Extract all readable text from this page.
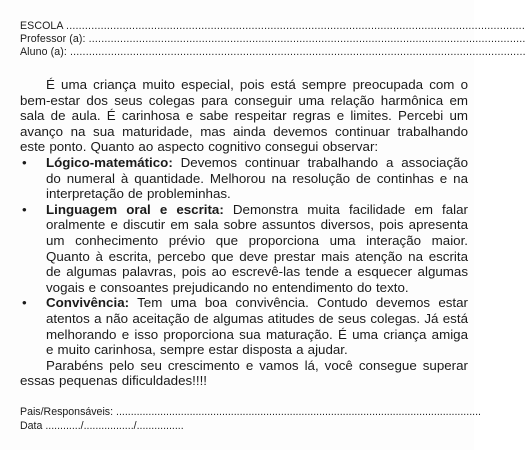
ESCOLA ..................................................................................................................................................
Professor (a): ...........................................................................................................................................
Aluno (a): .................................................................................................................................................

É uma criança muito especial, pois está sempre preocupada com o bem-estar dos seus colegas para conseguir uma relação harmônica em sala de aula. É carinhosa e sabe respeitar regras e limites. Percebi um avanço na sua maturidade, mas ainda devemos continuar trabalhando este ponto. Quanto ao aspecto cognitivo consegui observar:

• Lógico-matemático: Devemos continuar trabalhando a associação do numeral à quantidade. Melhorou na resolução de continhas e na interpretação de probleminhas.

• Linguagem oral e escrita: Demonstra muita facilidade em falar oralmente e discutir em sala sobre assuntos diversos, pois apresenta um conhecimento prévio que proporciona uma interação maior. Quanto à escrita, percebo que deve prestar mais atenção na escrita de algumas palavras, pois ao escrevê-las tende a esquecer algumas vogais e consoantes prejudicando no entendimento do texto.

• Convivência: Tem uma boa convivência. Contudo devemos estar atentos a não aceitação de algumas atitudes de seus colegas. Já está melhorando e isso proporciona sua maturação. É uma criança amiga e muito carinhosa, sempre estar disposta a ajudar.

Parabéns pelo seu crescimento e vamos lá, você consegue superar essas pequenas dificuldades!!!!

Pais/Responsáveis: ............................................................................................................................
Data ............/................./................
